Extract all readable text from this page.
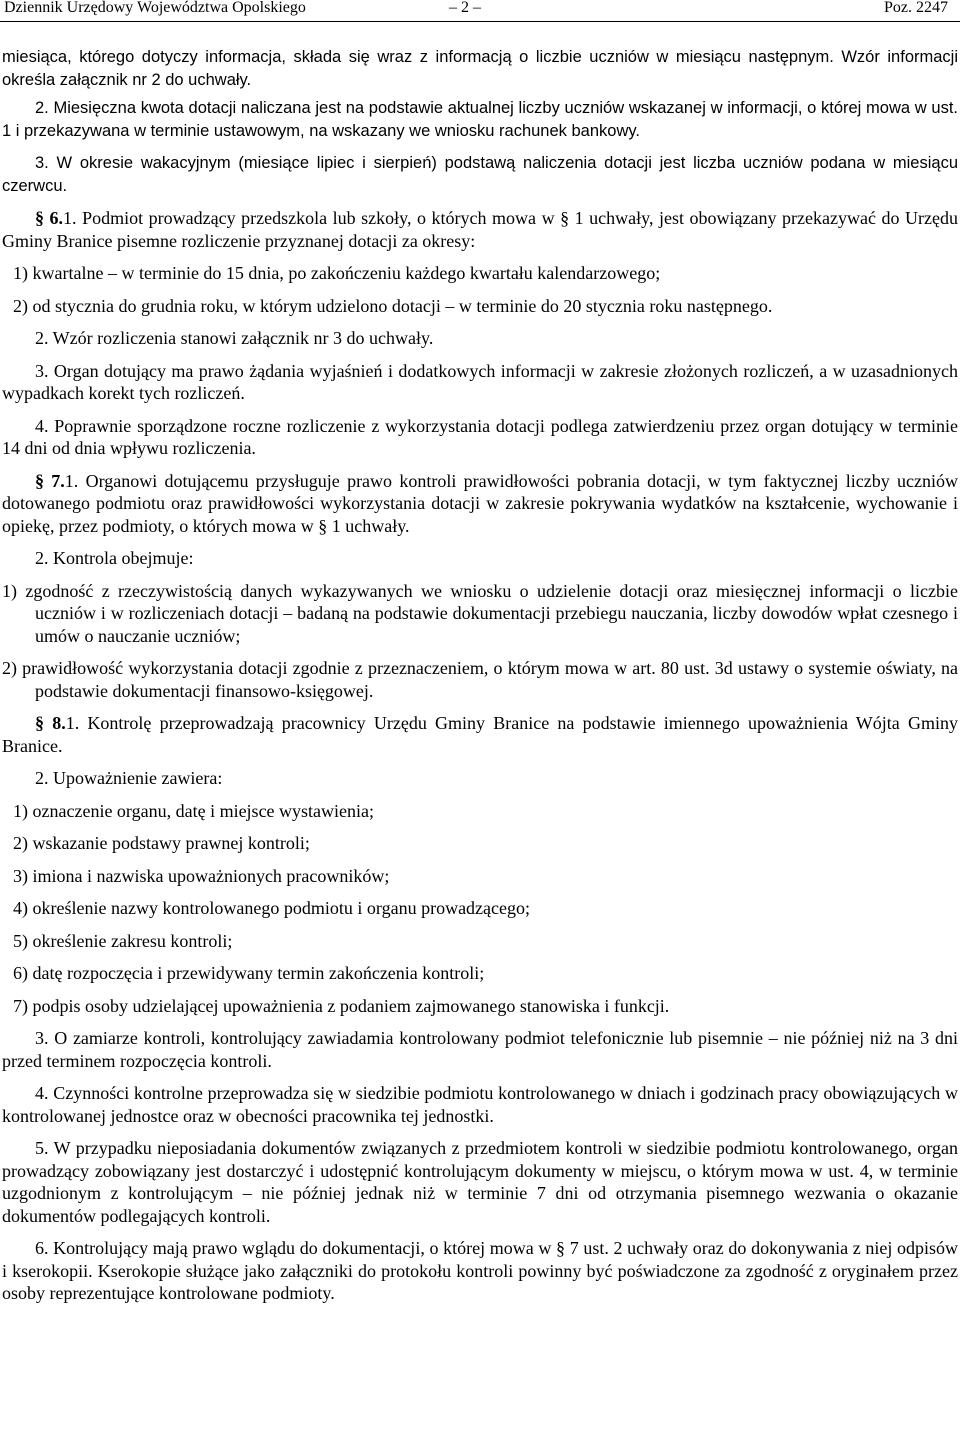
Dziennik Urzędowy Województwa Opolskiego	– 2 –	Poz. 2247

miesiąca, którego dotyczy informacja, składa się wraz z informacją o liczbie uczniów w miesiącu następnym. Wzór informacji określa załącznik nr 2 do uchwały.

2. Miesięczna kwota dotacji naliczana jest na podstawie aktualnej liczby uczniów wskazanej w informacji, o której mowa w ust. 1 i przekazywana w terminie ustawowym, na wskazany we wniosku rachunek bankowy.

3. W okresie wakacyjnym (miesiące lipiec i sierpień) podstawą naliczenia dotacji jest liczba uczniów podana w miesiącu czerwcu.

§ 6.1. Podmiot prowadzący przedszkola lub szkoły, o których mowa w § 1 uchwały, jest obowiązany przekazywać do Urzędu Gminy Branice pisemne rozliczenie przyznanej dotacji za okresy:

1) kwartalne – w terminie do 15 dnia, po zakończeniu każdego kwartału kalendarzowego;

2) od stycznia do grudnia roku, w którym udzielono dotacji – w terminie do 20 stycznia roku następnego.

2. Wzór rozliczenia stanowi załącznik nr 3 do uchwały.

3. Organ dotujący ma prawo żądania wyjaśnień i dodatkowych informacji w zakresie złożonych rozliczeń, a w uzasadnionych wypadkach korekt tych rozliczeń.

4. Poprawnie sporządzone roczne rozliczenie z wykorzystania dotacji podlega zatwierdzeniu przez organ dotujący w terminie 14 dni od dnia wpływu rozliczenia.

§ 7.1. Organowi dotującemu przysługuje prawo kontroli prawidłowości pobrania dotacji, w tym faktycznej liczby uczniów dotowanego podmiotu oraz prawidłowości wykorzystania dotacji w zakresie pokrywania wydatków na kształcenie, wychowanie i opiekę, przez podmioty, o których mowa w § 1 uchwały.

2. Kontrola obejmuje:

1) zgodność z rzeczywistością danych wykazywanych we wniosku o udzielenie dotacji oraz miesięcznej informacji o liczbie uczniów i w rozliczeniach dotacji – badaną na podstawie dokumentacji przebiegu nauczania, liczby dowodów wpłat czesnego i umów o nauczanie uczniów;

2) prawidłowość wykorzystania dotacji zgodnie z przeznaczeniem, o którym mowa w art. 80 ust. 3d ustawy o systemie oświaty, na podstawie dokumentacji finansowo-księgowej.

§ 8.1. Kontrolę przeprowadzają pracownicy Urzędu Gminy Branice na podstawie imiennego upoważnienia Wójta Gminy Branice.

2. Upoważnienie zawiera:

1) oznaczenie organu, datę i miejsce wystawienia;

2) wskazanie podstawy prawnej kontroli;

3) imiona i nazwiska upoważnionych pracowników;

4) określenie nazwy kontrolowanego podmiotu i organu prowadzącego;

5) określenie zakresu kontroli;

6) datę rozpoczęcia i przewidywany termin zakończenia kontroli;

7) podpis osoby udzielającej upoważnienia z podaniem zajmowanego stanowiska i funkcji.

3. O zamiarze kontroli, kontrolujący zawiadamia kontrolowany podmiot telefonicznie lub pisemnie – nie później niż na 3 dni przed terminem rozpoczęcia kontroli.

4. Czynności kontrolne przeprowadza się w siedzibie podmiotu kontrolowanego w dniach i godzinach pracy obowiązujących w kontrolowanej jednostce oraz w obecności pracownika tej jednostki.

5. W przypadku nieposiadania dokumentów związanych z przedmiotem kontroli w siedzibie podmiotu kontrolowanego, organ prowadzący zobowiązany jest dostarczyć i udostępnić kontrolującym dokumenty w miejscu, o którym mowa w ust. 4, w terminie uzgodnionym z kontrolującym – nie później jednak niż w terminie 7 dni od otrzymania pisemnego wezwania o okazanie dokumentów podlegających kontroli.

6. Kontrolujący mają prawo wglądu do dokumentacji, o której mowa w § 7 ust. 2 uchwały oraz do dokonywania z niej odpisów i kserokopii. Kserokopie służące jako załączniki do protokołu kontroli powinny być poświadczone za zgodność z oryginałem przez osoby reprezentujące kontrolowane podmioty.
